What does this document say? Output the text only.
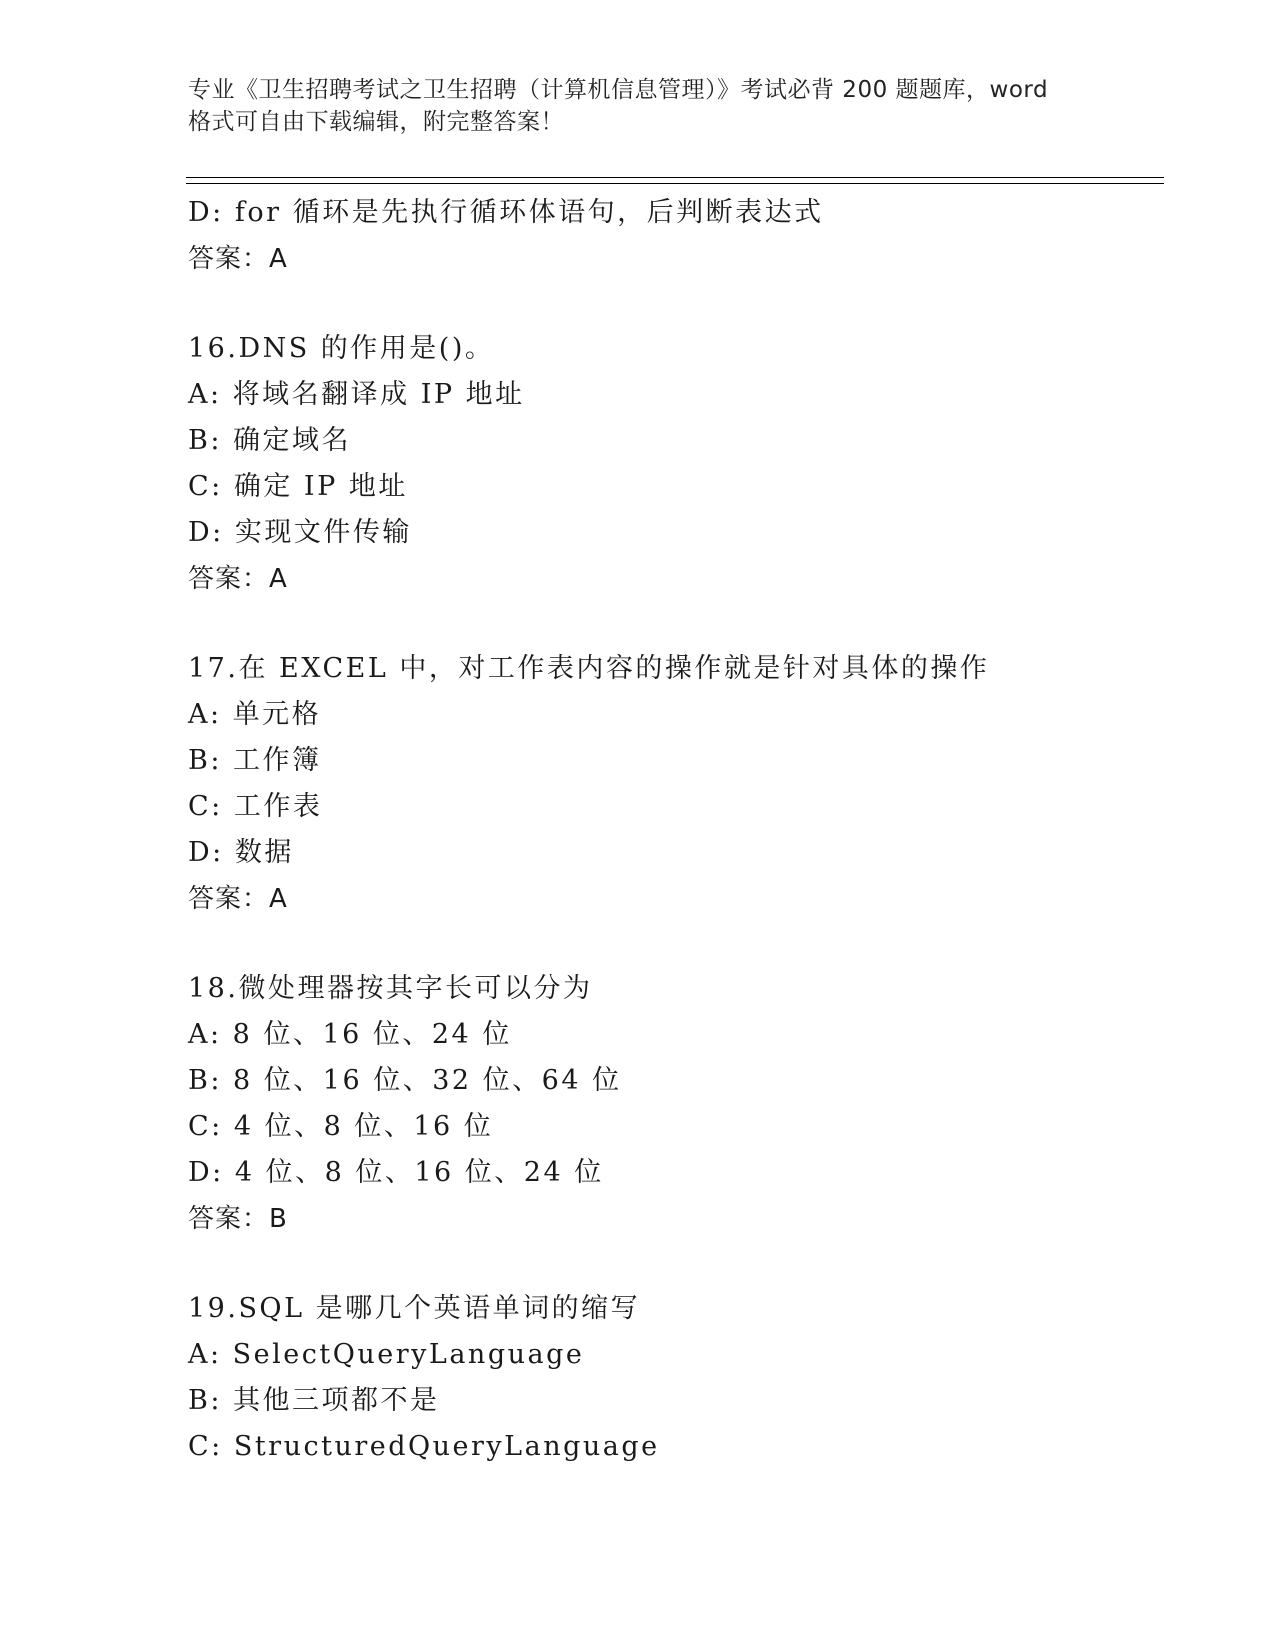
专业《卫生招聘考试之卫生招聘（计算机信息管理）》考试必背 200 题题库，word
格式可自由下载编辑，附完整答案！
D: for 循环是先执行循环体语句，后判断表达式
答案：A
16.DNS 的作用是()。
A: 将域名翻译成 IP 地址
B: 确定域名
C: 确定 IP 地址
D: 实现文件传输
答案：A
17.在 EXCEL 中，对工作表内容的操作就是针对具体的操作
A: 单元格
B: 工作簿
C: 工作表
D: 数据
答案：A
18.微处理器按其字长可以分为
A: 8 位、16 位、24 位
B: 8 位、16 位、32 位、64 位
C: 4 位、8 位、16 位
D: 4 位、8 位、16 位、24 位
答案：B
19.SQL 是哪几个英语单词的缩写
A: SelectQueryLanguage
B: 其他三项都不是
C: StructuredQueryLanguage
